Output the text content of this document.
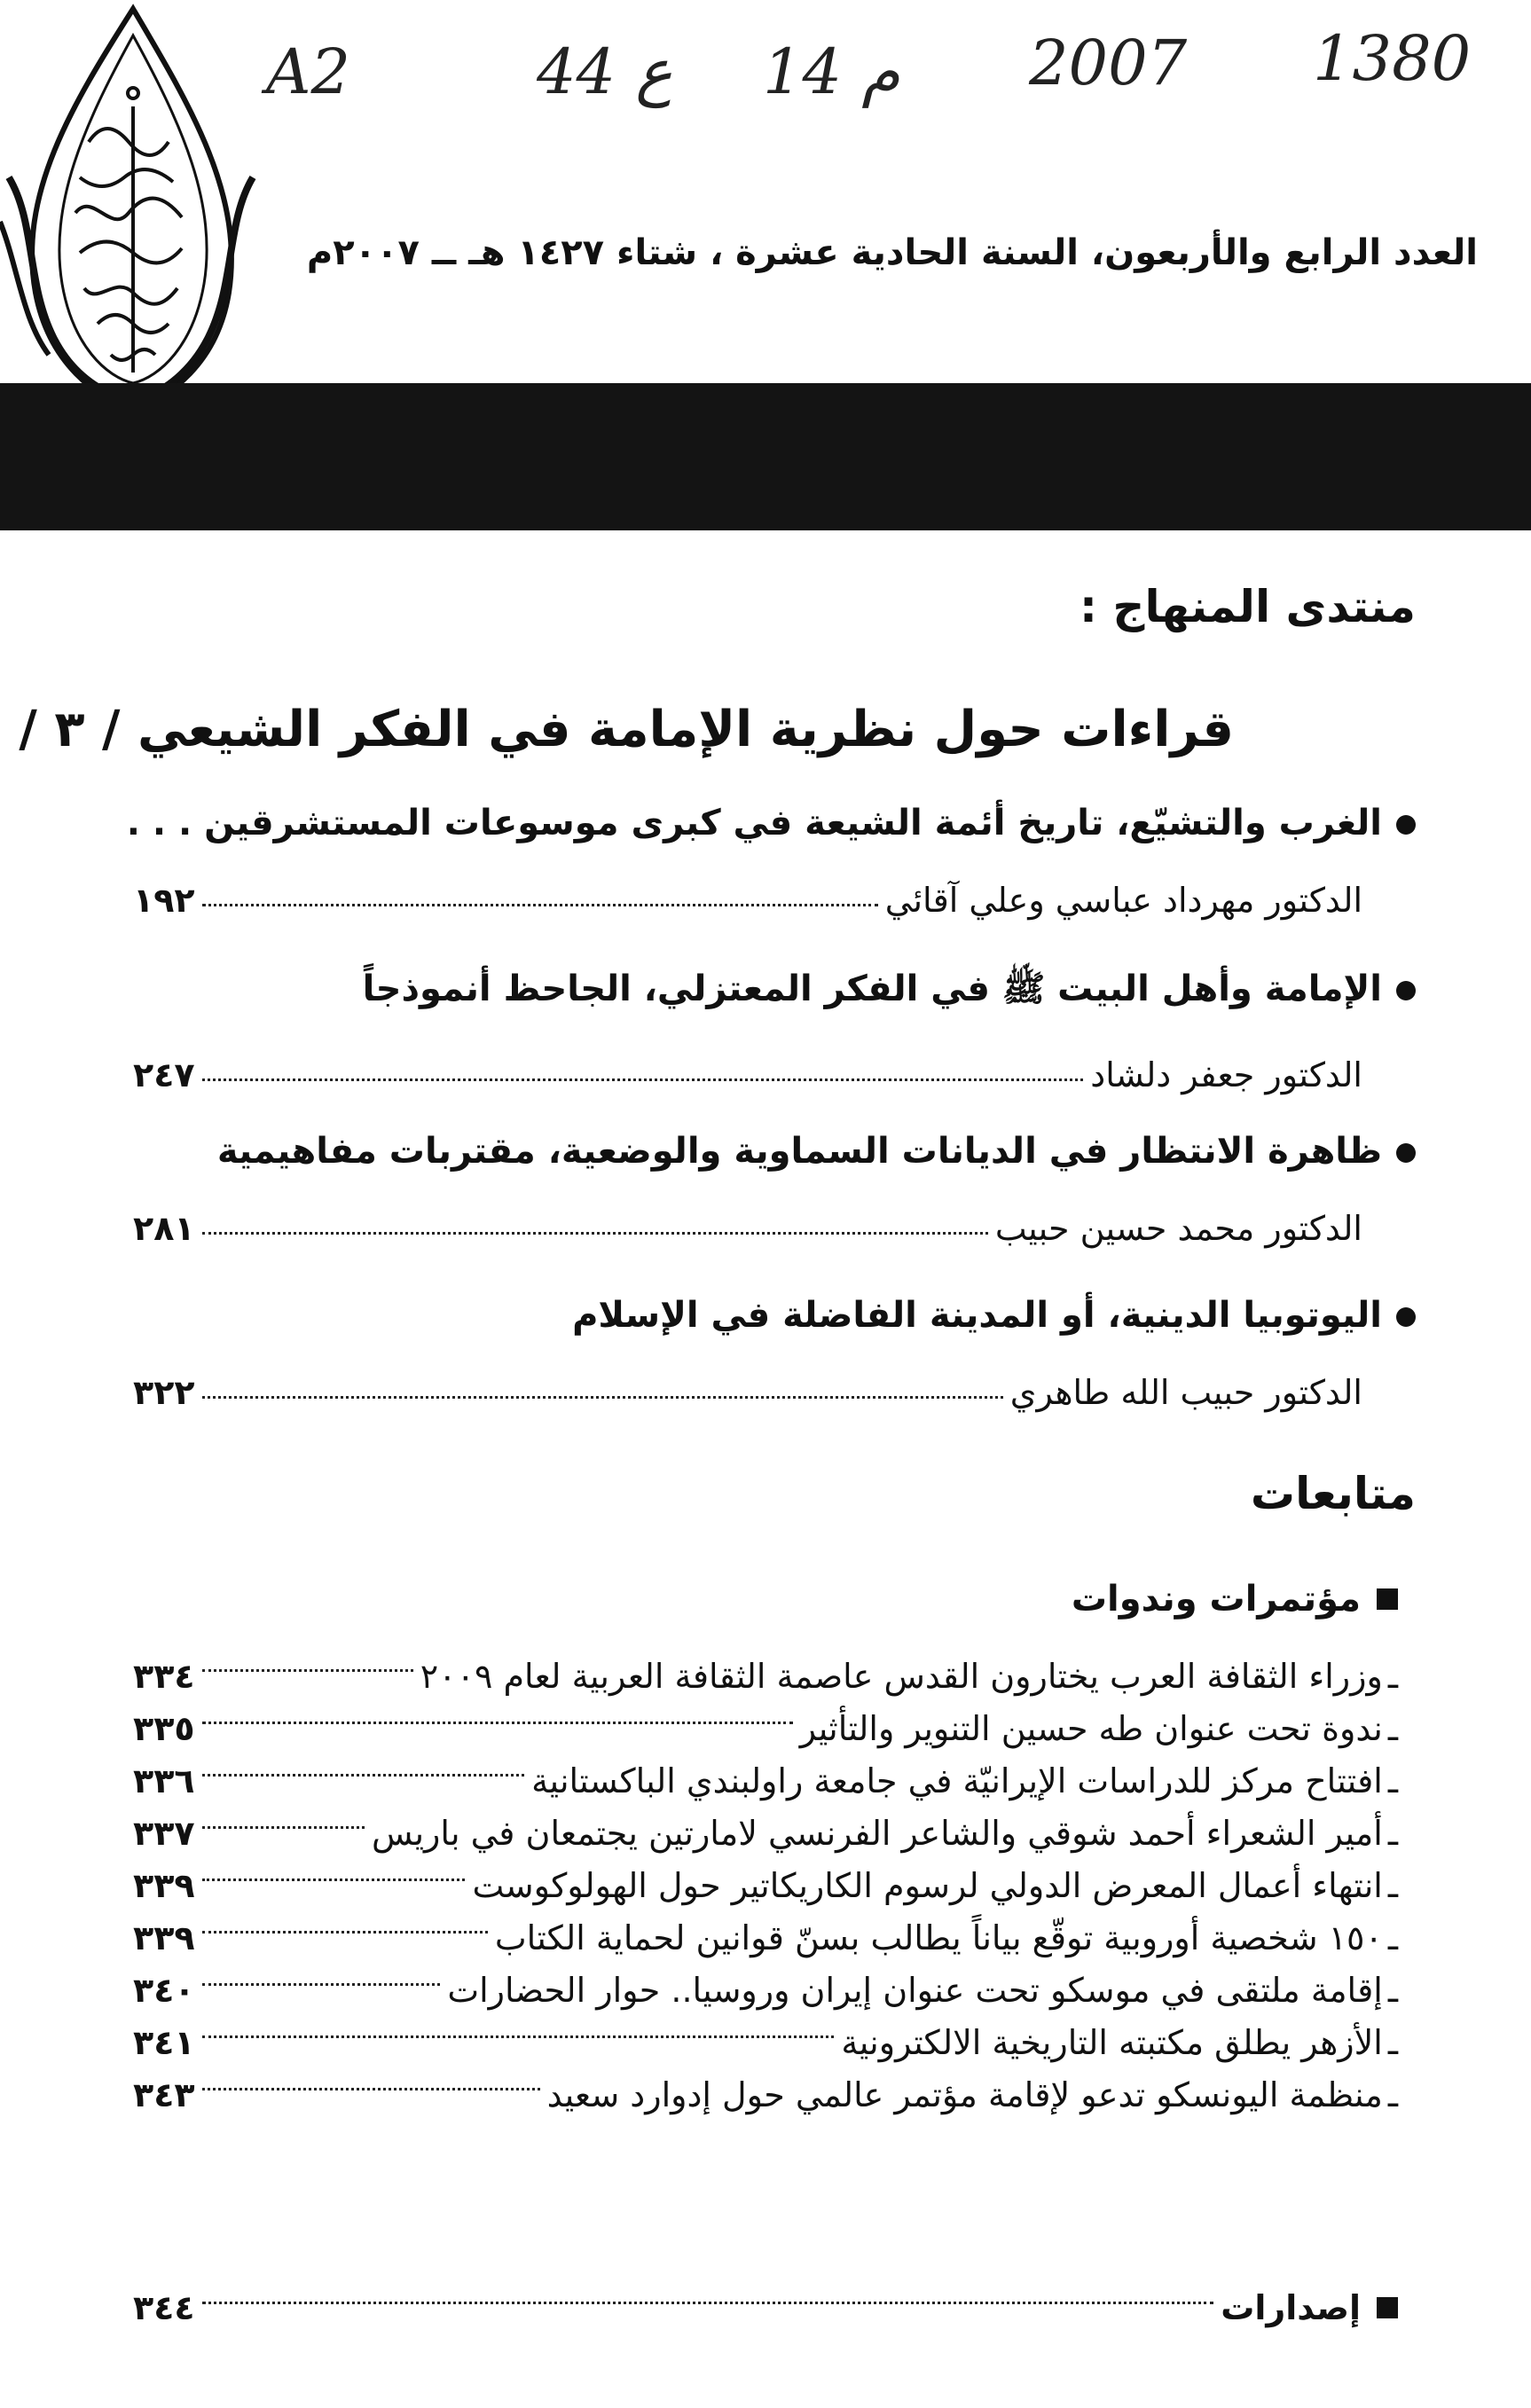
A2	44 ع 14 م 2007 1380
العدد الرابع والأربعون، السنة الحادية عشرة ، شتاء ١٤٢٧ هـ ــ ٢٠٠٧م
منتدى المنهاج :
قراءات حول نظرية الإمامة في الفكر الشيعي / ٣ /
الغرب والتشيّع، تاريخ أئمة الشيعة في كبرى موسوعات المستشرقين . . .
الدكتور مهرداد عباسي وعلي آقائي
١٩٢
الإمامة وأهل البيت ﷺ في الفكر المعتزلي، الجاحظ أنموذجاً
الدكتور جعفر دلشاد
٢٤٧
ظاهرة الانتظار في الديانات السماوية والوضعية، مقتربات مفاهيمية
الدكتور محمد حسين حبيب
٢٨١
اليوتوبيا الدينية، أو المدينة الفاضلة في الإسلام
الدكتور حبيب الله طاهري
٣٢٢
متابعات
مؤتمرات وندوات
ـ
وزراء الثقافة العرب يختارون القدس عاصمة الثقافة العربية لعام ٢٠٠٩
٣٣٤
ـ
ندوة تحت عنوان طه حسين التنوير والتأثير
٣٣٥
ـ
افتتاح مركز للدراسات الإيرانيّة في جامعة راولبندي الباكستانية
٣٣٦
ـ
أمير الشعراء أحمد شوقي والشاعر الفرنسي لامارتين يجتمعان في باريس
٣٣٧
ـ
انتهاء أعمال المعرض الدولي لرسوم الكاريكاتير حول الهولوكوست
٣٣٩
ـ
١٥٠ شخصية أوروبية توقّع بياناً يطالب بسنّ قوانين لحماية الكتاب
٣٣٩
ـ
إقامة ملتقى في موسكو تحت عنوان إيران وروسيا.. حوار الحضارات
٣٤٠
ـ
الأزهر يطلق مكتبته التاريخية الالكترونية
٣٤١
ـ
منظمة اليونسكو تدعو لإقامة مؤتمر عالمي حول إدوارد سعيد
٣٤٣
إصدارات
٣٤٤
